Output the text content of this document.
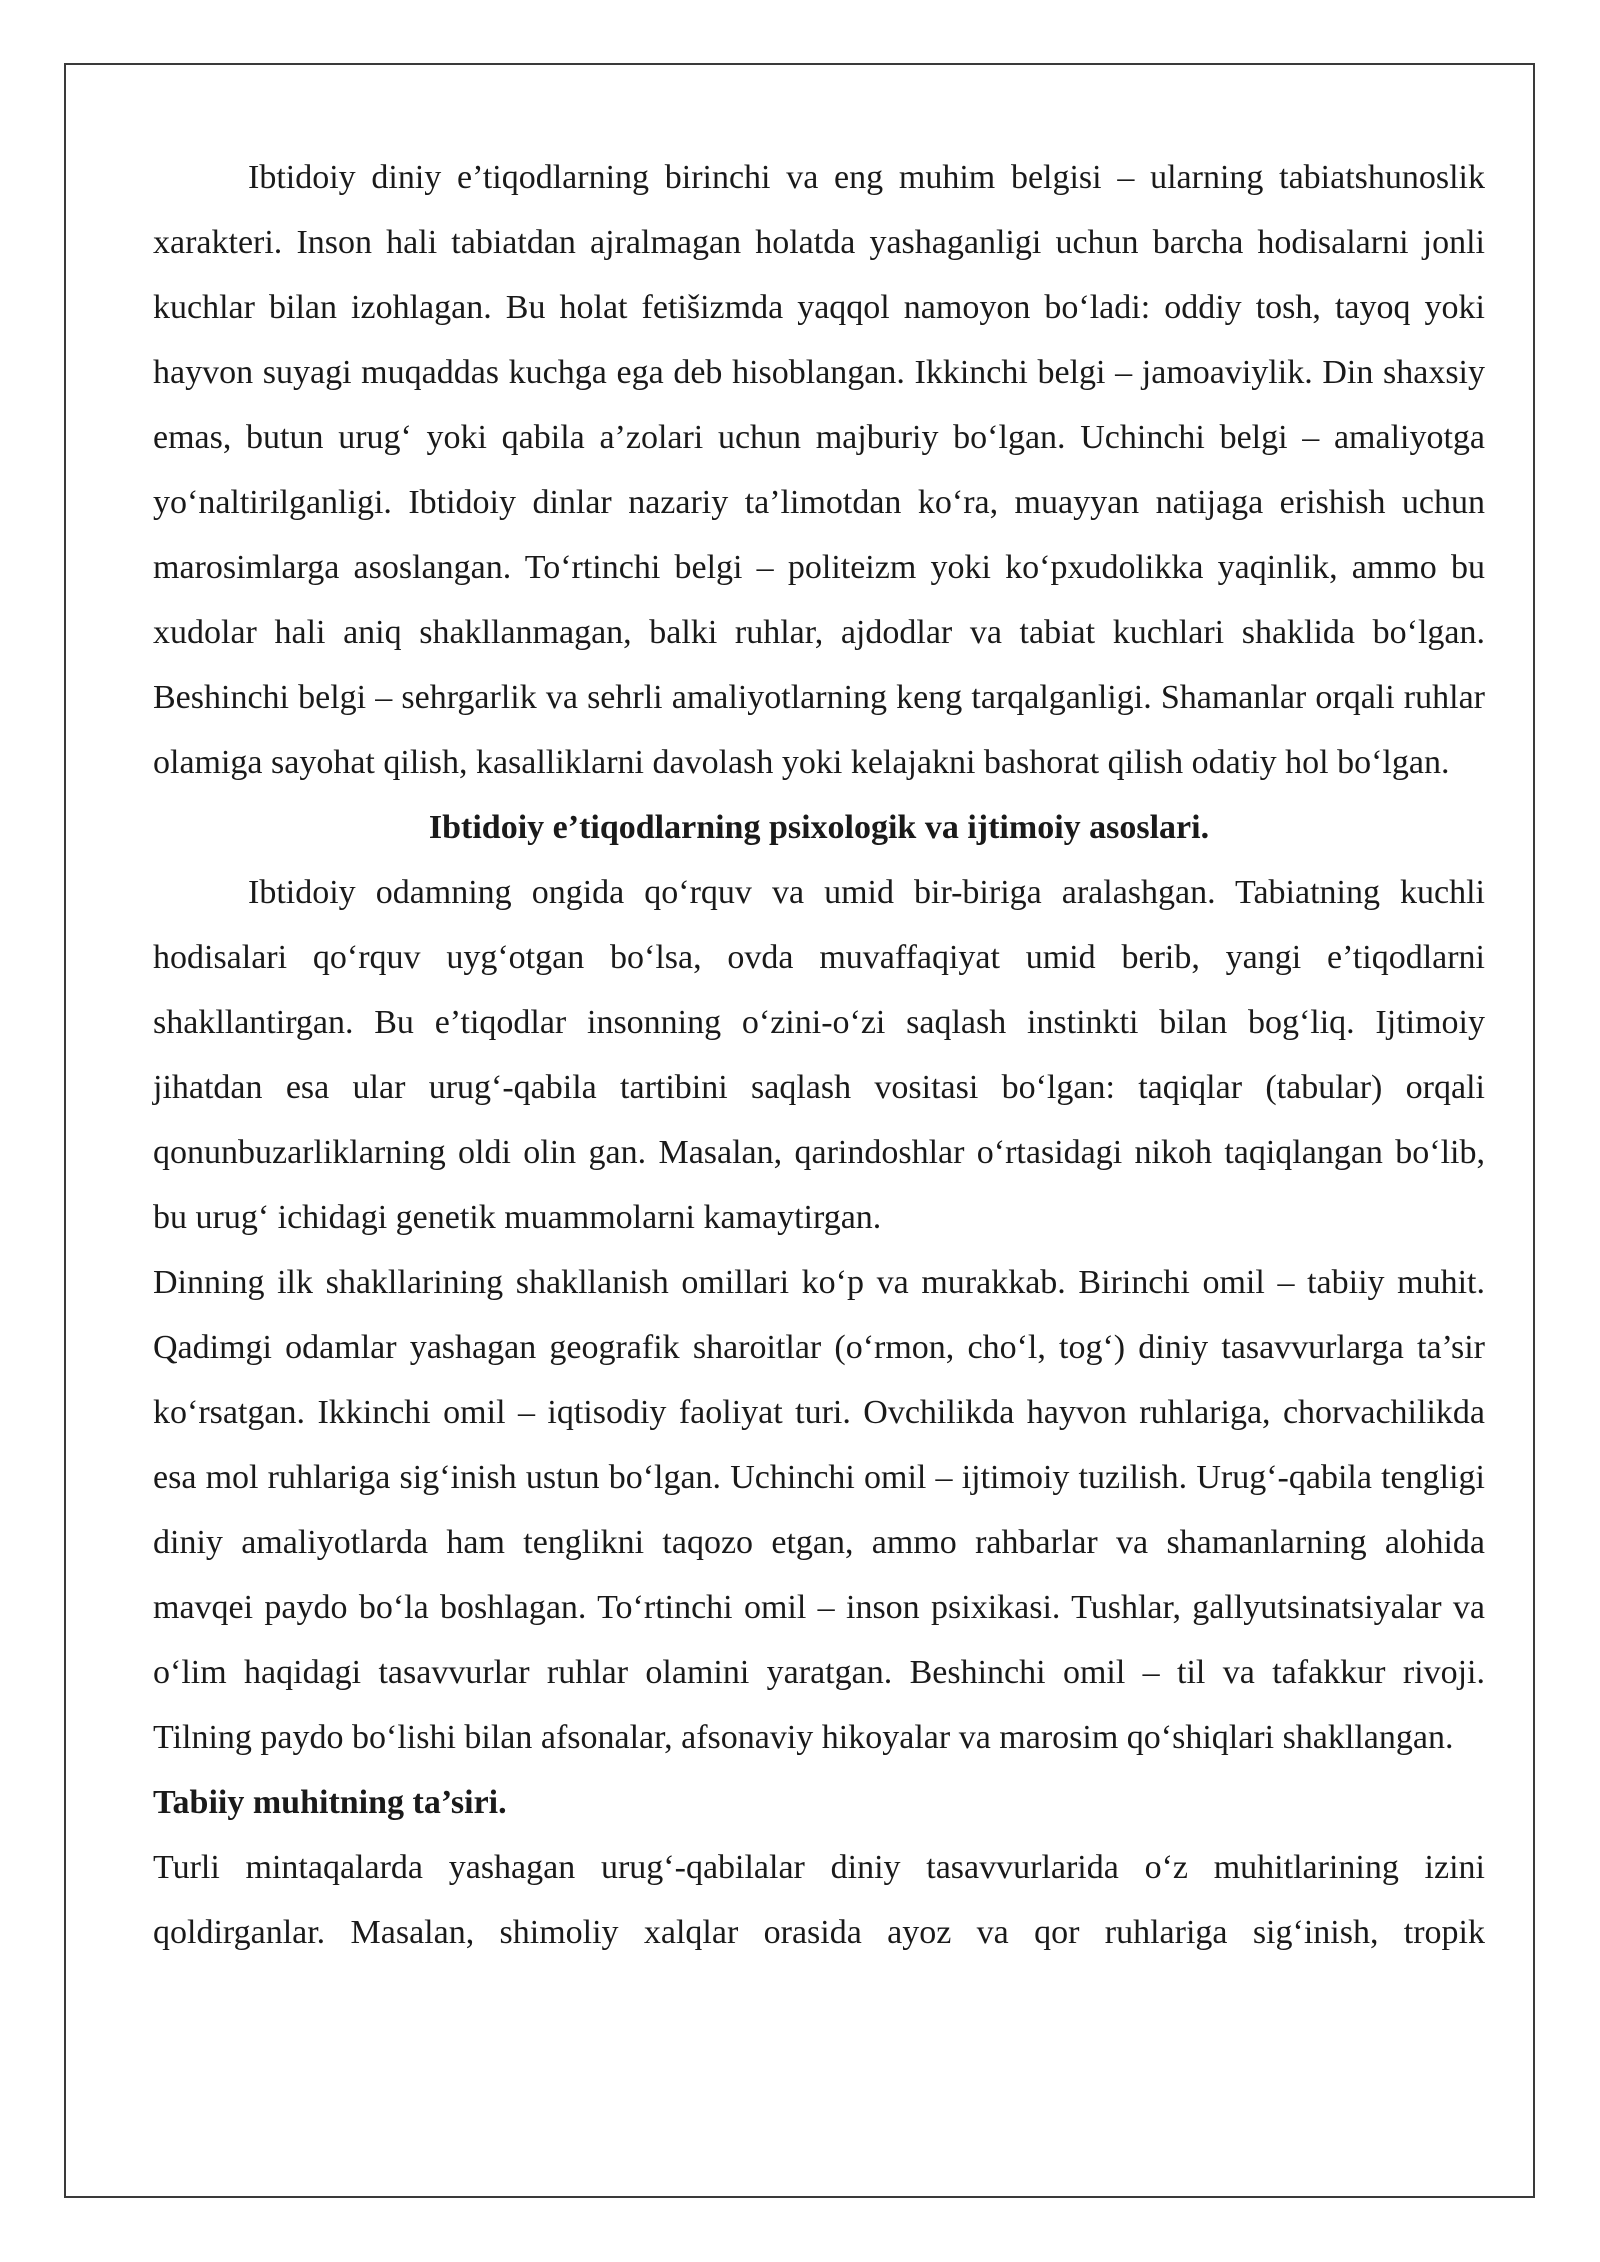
Ibtidoiy diniy e’tiqodlarning birinchi va eng muhim belgisi – ularning tabiatshunoslik xarakteri. Inson hali tabiatdan ajralmagan holatda yashaganligi uchun barcha hodisalarni jonli kuchlar bilan izohlagan. Bu holat fetišizmda yaqqol namoyon boʻladi: oddiy tosh, tayoq yoki hayvon suyagi muqaddas kuchga ega deb hisoblangan. Ikkinchi belgi – jamoaviylik. Din shaxsiy emas, butun urugʻ yoki qabila a’zolari uchun majburiy boʻlgan. Uchinchi belgi – amaliyotga yoʻnaltirilganligi. Ibtidoiy dinlar nazariy ta’limotdan koʻra, muayyan natijaga erishish uchun marosimlarga asoslangan. Toʻrtinchi belgi – politeizm yoki koʻpxudolikka yaqinlik, ammo bu xudolar hali aniq shakllanmagan, balki ruhlar, ajdodlar va tabiat kuchlari shaklida boʻlgan. Beshinchi belgi – sehrgarlik va sehrli amaliyotlarning keng tarqalganligi. Shamanlar orqali ruhlar olamiga sayohat qilish, kasalliklarni davolash yoki kelajakni bashorat qilish odatiy hol boʻlgan.

Ibtidoiy e’tiqodlarning psixologik va ijtimoiy asoslari.

Ibtidoiy odamning ongida qoʻrquv va umid bir-biriga aralashgan. Tabiatning kuchli hodisalari qoʻrquv uygʻotgan boʻlsa, ovda muvaffaqiyat umid berib, yangi e’tiqodlarni shakllantirgan. Bu e’tiqodlar insonning oʻzini-oʻzi saqlash instinkti bilan bogʻliq. Ijtimoiy jihatdan esa ular urugʻ-qabila tartibini saqlash vositasi boʻlgan: taqiqlar (tabular) orqali qonunbuzarliklarning oldi olin gan. Masalan, qarindoshlar oʻrtasidagi nikoh taqiqlangan boʻlib, bu urugʻ ichidagi genetik muammolarni kamaytirgan.

Dinning ilk shakllarining shakllanish omillari koʻp va murakkab. Birinchi omil – tabiiy muhit. Qadimgi odamlar yashagan geografik sharoitlar (oʻrmon, choʻl, togʻ) diniy tasavvurlarga ta’sir koʻrsatgan. Ikkinchi omil – iqtisodiy faoliyat turi. Ovchilikda hayvon ruhlariga, chorvachilikda esa mol ruhlariga sigʻinish ustun boʻlgan. Uchinchi omil – ijtimoiy tuzilish. Urugʻ-qabila tengligi diniy amaliyotlarda ham tenglikni taqozo etgan, ammo rahbarlar va shamanlarning alohida mavqei paydo boʻla boshlagan. Toʻrtinchi omil – inson psixikasi. Tushlar, gallyutsinatsiyalar va oʻlim haqidagi tasavvurlar ruhlar olamini yaratgan. Beshinchi omil – til va tafakkur rivoji. Tilning paydo boʻlishi bilan afsonalar, afsonaviy hikoyalar va marosim qoʻshiqlari shakllangan.

Tabiiy muhitning ta’siri.

Turli mintaqalarda yashagan urugʻ-qabilalar diniy tasavvurlarida oʻz muhitlarining izini qoldirganlar. Masalan, shimoliy xalqlar orasida ayoz va qor ruhlariga sigʻinish, tropik
